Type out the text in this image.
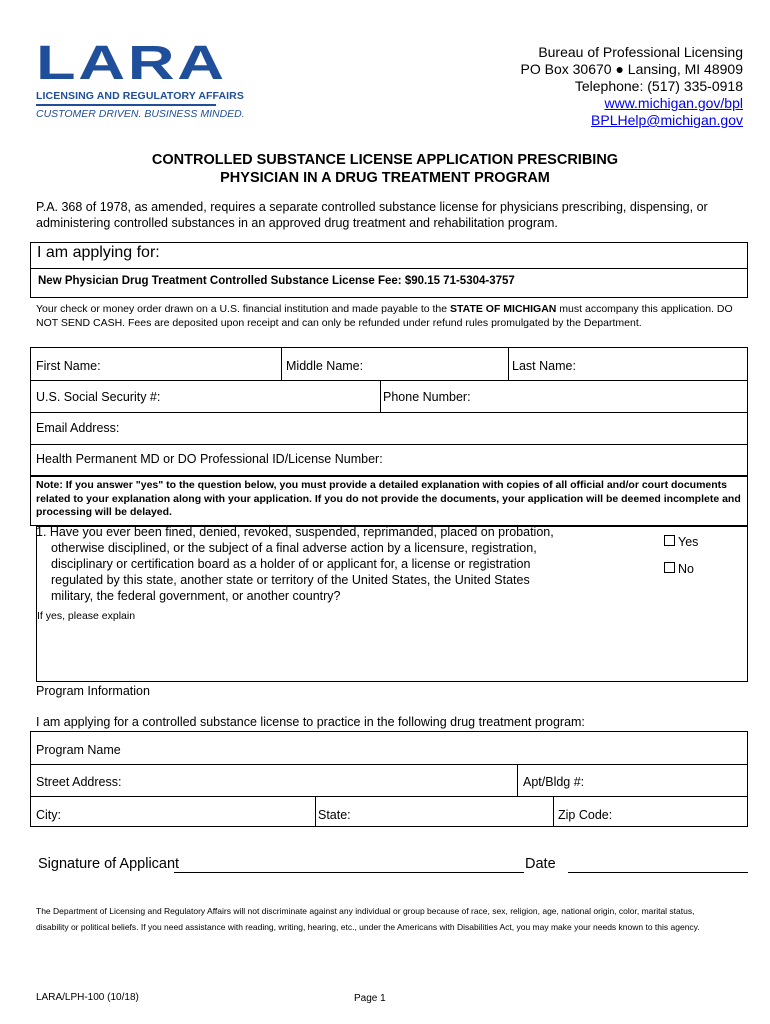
LARA
LICENSING AND REGULATORY AFFAIRS
CUSTOMER DRIVEN. BUSINESS MINDED.
Bureau of Professional Licensing
PO Box 30670 ● Lansing, MI 48909
Telephone: (517) 335-0918
www.michigan.gov/bpl
BPLHelp@michigan.gov
CONTROLLED SUBSTANCE LICENSE APPLICATION PRESCRIBING
PHYSICIAN IN A DRUG TREATMENT PROGRAM
P.A. 368 of 1978, as amended, requires a separate controlled substance license for physicians prescribing, dispensing, or administering controlled substances in an approved drug treatment and rehabilitation program.
I am applying for:
New Physician Drug Treatment Controlled Substance License Fee: $90.15 71-5304-3757
Your check or money order drawn on a U.S. financial institution and made payable to the STATE OF MICHIGAN must accompany this application. DO NOT SEND CASH. Fees are deposited upon receipt and can only be refunded under refund rules promulgated by the Department.
First Name:	Middle Name:	Last Name:
U.S. Social Security #:	Phone Number:
Email Address:
Health Permanent MD or DO Professional ID/License Number:
Note: If you answer "yes" to the question below, you must provide a detailed explanation with copies of all official and/or court documents related to your explanation along with your application. If you do not provide the documents, your application will be deemed incomplete and processing will be delayed.
1. Have you ever been fined, denied, revoked, suspended, reprimanded, placed on probation,
otherwise disciplined, or the subject of a final adverse action by a licensure, registration,
disciplinary or certification board as a holder of or applicant for, a license or registration
regulated by this state, another state or territory of the United States, the United States
military, the federal government, or another country?
Yes
No
If yes, please explain
Program Information
I am applying for a controlled substance license to practice in the following drug treatment program:
Program Name
Street Address:	Apt/Bldg #:
City:	State:	Zip Code:
Signature of Applicant	Date
The Department of Licensing and Regulatory Affairs will not discriminate against any individual or group because of race, sex, religion, age, national origin, color, marital status,
disability or political beliefs. If you need assistance with reading, writing, hearing, etc., under the Americans with Disabilities Act, you may make your needs known to this agency.
LARA/LPH-100 (10/18)	Page 1
